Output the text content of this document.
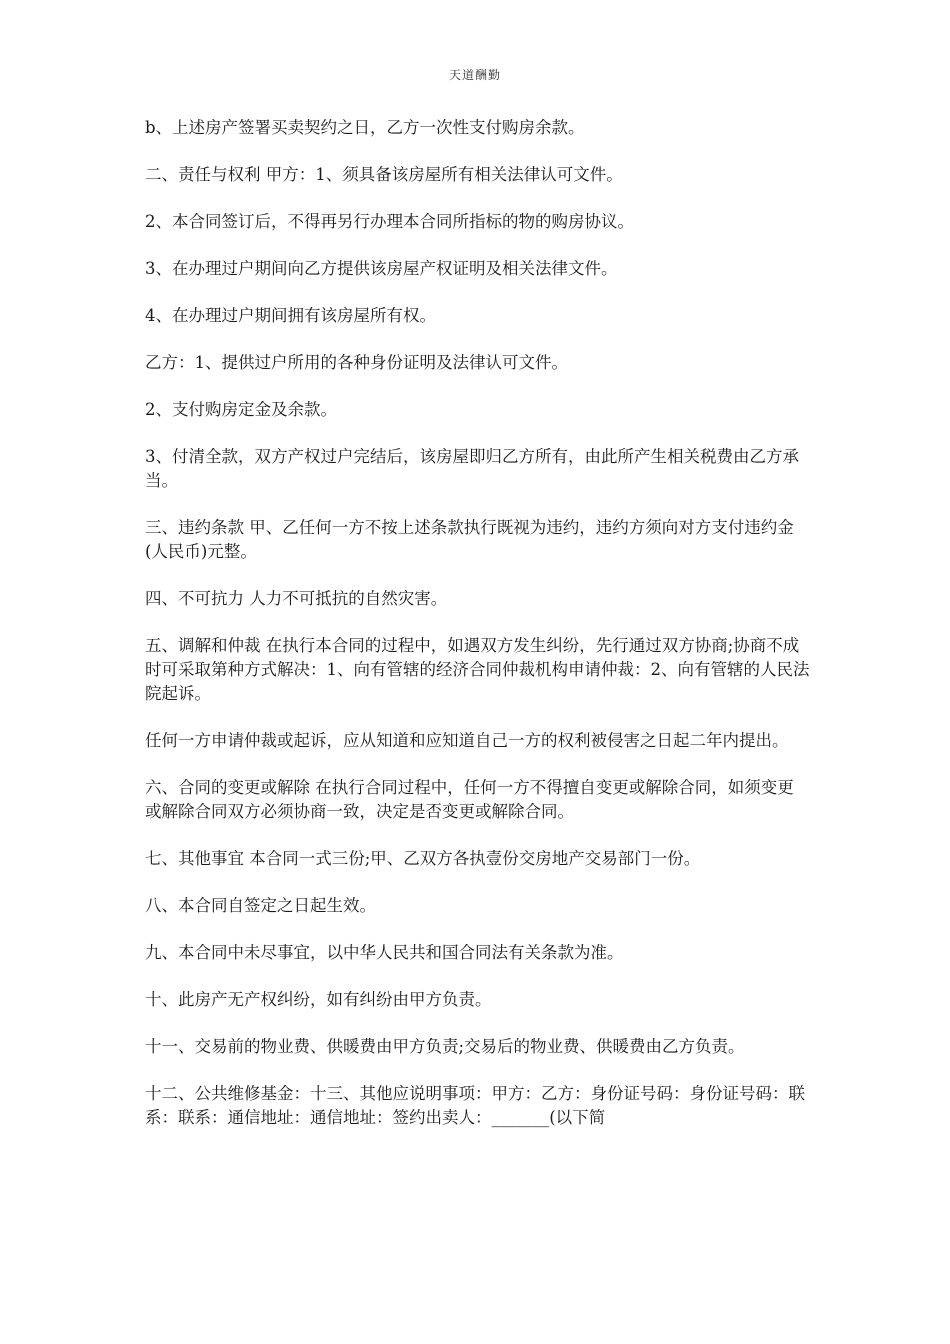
天道酬勤

b、上述房产签署买卖契约之日，乙方一次性支付购房余款。

二、责任与权利 甲方：1、须具备该房屋所有相关法律认可文件。

2、本合同签订后，不得再另行办理本合同所指标的物的购房协议。

3、在办理过户期间向乙方提供该房屋产权证明及相关法律文件。

4、在办理过户期间拥有该房屋所有权。

乙方：1、提供过户所用的各种身份证明及法律认可文件。

2、支付购房定金及余款。

3、付清全款，双方产权过户完结后，该房屋即归乙方所有，由此所产生相关税费由乙方承当。

三、违约条款 甲、乙任何一方不按上述条款执行既视为违约，违约方须向对方支付违约金(人民币)元整。

四、不可抗力 人力不可抵抗的自然灾害。

五、调解和仲裁 在执行本合同的过程中，如遇双方发生纠纷，先行通过双方协商;协商不成时可采取第种方式解决：1、向有管辖的经济合同仲裁机构申请仲裁：2、向有管辖的人民法院起诉。

任何一方申请仲裁或起诉，应从知道和应知道自己一方的权利被侵害之日起二年内提出。

六、合同的变更或解除 在执行合同过程中，任何一方不得擅自变更或解除合同，如须变更或解除合同双方必须协商一致，决定是否变更或解除合同。

七、其他事宜 本合同一式三份;甲、乙双方各执壹份交房地产交易部门一份。

八、本合同自签定之日起生效。

九、本合同中未尽事宜，以中华人民共和国合同法有关条款为准。

十、此房产无产权纠纷，如有纠纷由甲方负责。

十一、交易前的物业费、供暖费由甲方负责;交易后的物业费、供暖费由乙方负责。

十二、公共维修基金：十三、其他应说明事项：甲方：乙方：身份证号码：身份证号码：联系：联系：通信地址：通信地址：签约出卖人：_______(以下简
